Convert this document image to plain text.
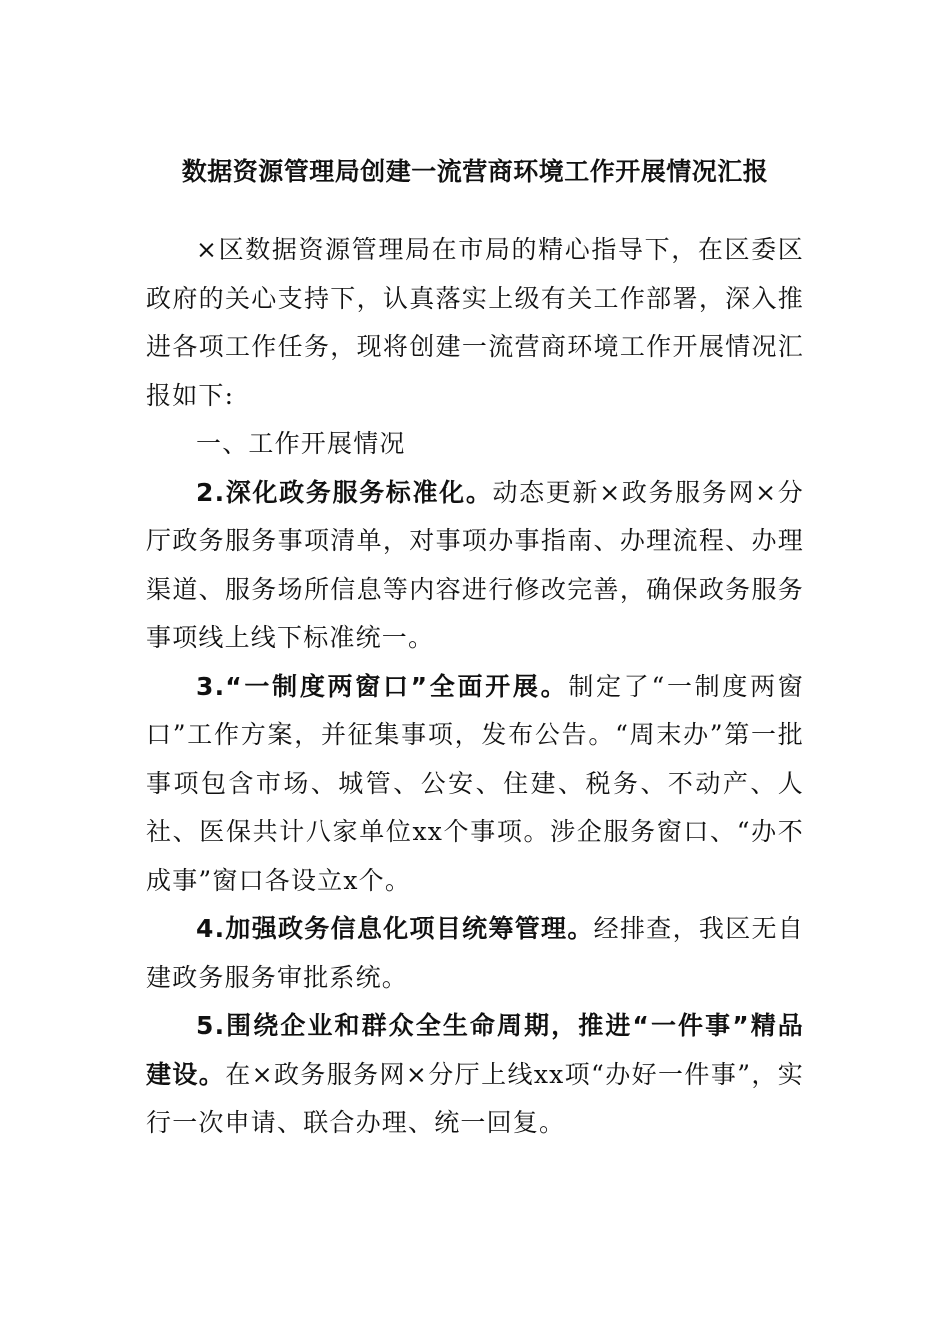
数据资源管理局创建一流营商环境工作开展情况汇报

×区数据资源管理局在市局的精心指导下，在区委区政府的关心支持下，认真落实上级有关工作部署，深入推进各项工作任务，现将创建一流营商环境工作开展情况汇报如下:

一、工作开展情况

2.深化政务服务标准化。动态更新×政务服务网×分厅政务服务事项清单，对事项办事指南、办理流程、办理渠道、服务场所信息等内容进行修改完善，确保政务服务事项线上线下标准统一。

3.“一制度两窗口”全面开展。制定了“一制度两窗口”工作方案，并征集事项，发布公告。“周末办”第一批事项包含市场、城管、公安、住建、税务、不动产、人社、医保共计八家单位xx个事项。涉企服务窗口、“办不成事”窗口各设立x个。

4.加强政务信息化项目统筹管理。经排查，我区无自建政务服务审批系统。

5.围绕企业和群众全生命周期，推进“一件事”精品建设。在×政务服务网×分厅上线xx项“办好一件事”，实行一次申请、联合办理、统一回复。
